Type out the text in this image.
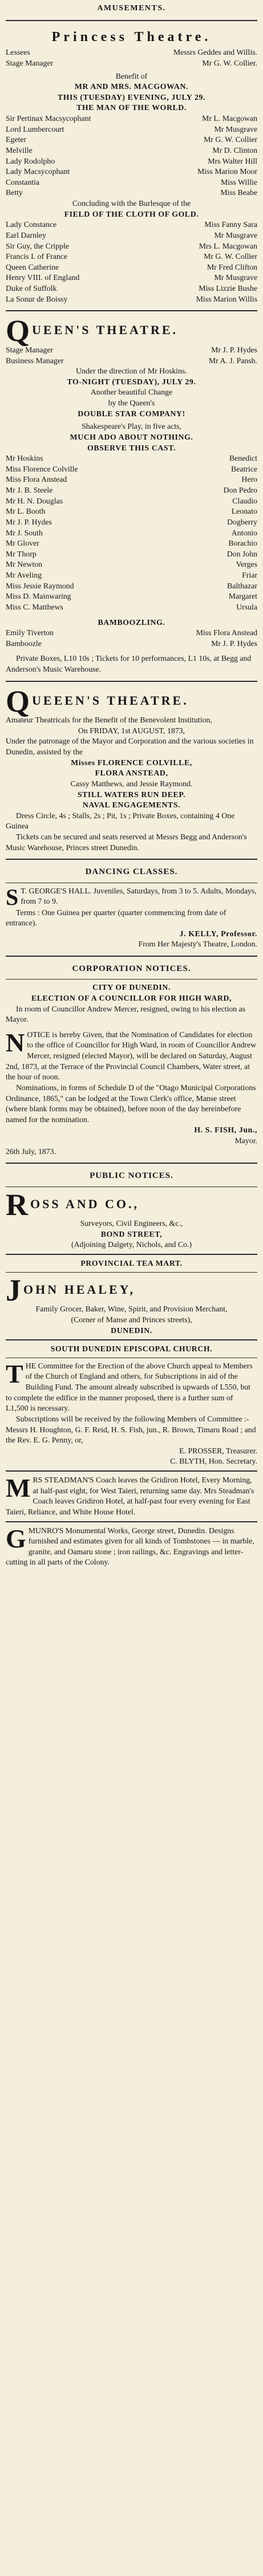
AMUSEMENTS.
Princess Theatre.
Lessees	Messrs Geddes and Willis.
Stage Manager	Mr G. W. Collier.
Benefit of
MR AND MRS. MACGOWAN.
THIS (TUESDAY) EVENING, JULY 29.
THE MAN OF THE WORLD.
Sir Pertinax Macsycophant	Mr L. Macgowan
Lord Lumbercourt	Mr Musgrave
Egeter	Mr G. W. Collier
Melville	Mr D. Clinton
Lady Rodolpho	Mrs Walter Hill
Lady Macsycophant	Miss Marion Moor
Constantia	Miss Willie
Betty	Miss Beabe
Concluding with the Burlesque of the
FIELD OF THE CLOTH OF GOLD.
Lady Constance	Miss Fanny Sara
Earl Darnley	Mr Musgrave
Sir Guy, the Cripple	Mrs L. Macgowan
Francis I. of France	Mr G. W. Collier
Queen Catherine	Mr Fred Clifton
Henry VIII. of England	Mr Musgrave
Duke of Suffolk	Miss Lizzie Bushe
La Sonur de Boissy	Miss Marion Willis
Q UEEN'S THEATRE.
Stage Manager	Mr J. P. Hydes
Business Manager	Mr A. J. Pansh.
Under the direction of Mr Hoskins.
TO-NIGHT (TUESDAY), JULY 29.
Another beautiful Change
by the Queen's
DOUBLE STAR COMPANY!
Shakespeare's Play, in five acts,
MUCH ADO ABOUT NOTHING.
OBSERVE THIS CAST.
Mr Hoskins	Benedict
Miss Florence Colville	Beatrice
Miss Flora Anstead	Hero
Mr J. B. Steele	Don Pedro
Mr H. N. Douglas	Claudio
Mr L. Booth	Leonato
Mr J. P. Hydes	Dogberry
Mr J. South	Antonio
Mr Glover	Borachio
Mr Thorp	Don John
Mr Newton	Verges
Mr Aveling	Friar
Miss Jessie Raymond	Balthazar
Miss D. Mainwaring	Margaret
Miss C. Matthews	Ursula
BAMBOOZLING.
Emily Tiverton	Miss Flora Anstead
Bamboozle	Mr J. P. Hydes
Private Boxes, L10 10s ; Tickets for 10 performances, L1 10s, at Begg and Anderson's Music Warehouse.
Q UEEEN'S THEATRE.
Amateur Theatricals for the Benefit of the Benevolent Institution,
On FRIDAY, 1st AUGUST, 1873,
Under the patronage of the Mayor and Corporation and the various societies in Dunedin, assisted by the
Misses FLORENCE COLVILLE,
FLORA ANSTEAD,
Cassy Matthews, and Jessie Raymond.
STILL WATERS RUN DEEP.
NAVAL ENGAGEMENTS.
Dress Circle, 4s ; Stalls, 2s ; Pit, 1s ; Private Boxes, containing 4 One Guinea
Tickets can be secured and seats reserved at Messrs Begg and Anderson's Music Warehouse, Princes street Dunedin.
DANCING CLASSES.
S T. GEORGE'S HALL. Juveniles, Saturdays, from 3 to 5. Adults, Mondays, from 7 to 9.
Terms : One Guinea per quarter (quarter commencing from date of entrance).
J. KELLY, Professor.
From Her Majesty's Theatre, London.
CORPORATION NOTICES.
CITY OF DUNEDIN.
ELECTION OF A COUNCILLOR FOR HIGH WARD,
In room of Councillor Andrew Mercer, resigned, owing to his election as Mayor.
N OTICE is hereby Given, that the Nomination of Candidates for election to the office of Councillor for High Ward, in room of Councillor Andrew Mercer, resigned (elected Mayor), will be declared on Saturday, August 2nd, 1873, at the Terrace of the Provincial Council Chambers, Water street, at the hour of noon.
Nominations, in forms of Schedule D of the "Otago Municipal Corporations Ordinance, 1865," can be lodged at the Town Clerk's office, Manse street (where blank forms may be obtained), before noon of the day hereinbefore named for the nomination.
H. S. FISH, Jun.,
Mayor.
26th July, 1873.
PUBLIC NOTICES.
R OSS AND CO.,
Surveyors, Civil Engineers, &c.,
BOND STREET,
(Adjoining Dalgety, Nichols, and Co.)
PROVINCIAL TEA MART.
J OHN HEALEY,
Family Grocer, Baker, Wine, Spirit, and Provision Merchant,
(Corner of Manse and Princes streets),
DUNEDIN.
SOUTH DUNEDIN EPISCOPAL CHURCH.
T HE Committee for the Erection of the above Church appeal to Members of the Church of England and others, for Subscriptions in aid of the Building Fund. The amount already subscribed is upwards of L550, but to complete the edifice in the manner proposed, there is a further sum of L1,500 is necessary.
Subscriptions will be received by the following Members of Committee :- Messrs H. Houghton, G. F. Reid, H. S. Fish, jun., R. Brown, Timaru Road ; and the Rev. E. G. Penny, or,
E. PROSSER, Treasurer.
C. BLYTH, Hon. Secretary.
M RS STEADMAN'S Coach leaves the Gridiron Hotel, Every Morning, at half-past eight, for West Taieri, returning same day. Mrs Steadman's Coach leaves Gridiron Hotel, at half-past four every evening for East Taieri, Reliance, and White House Hotel.
G MUNRO'S Monumental Works, George street, Dunedin. Designs furnished and estimates given for all kinds of Tombstones — in marble, granite, and Oamaru stone ; iron railings, &c. Engravings and letter-cutting in all parts of the Colony.
